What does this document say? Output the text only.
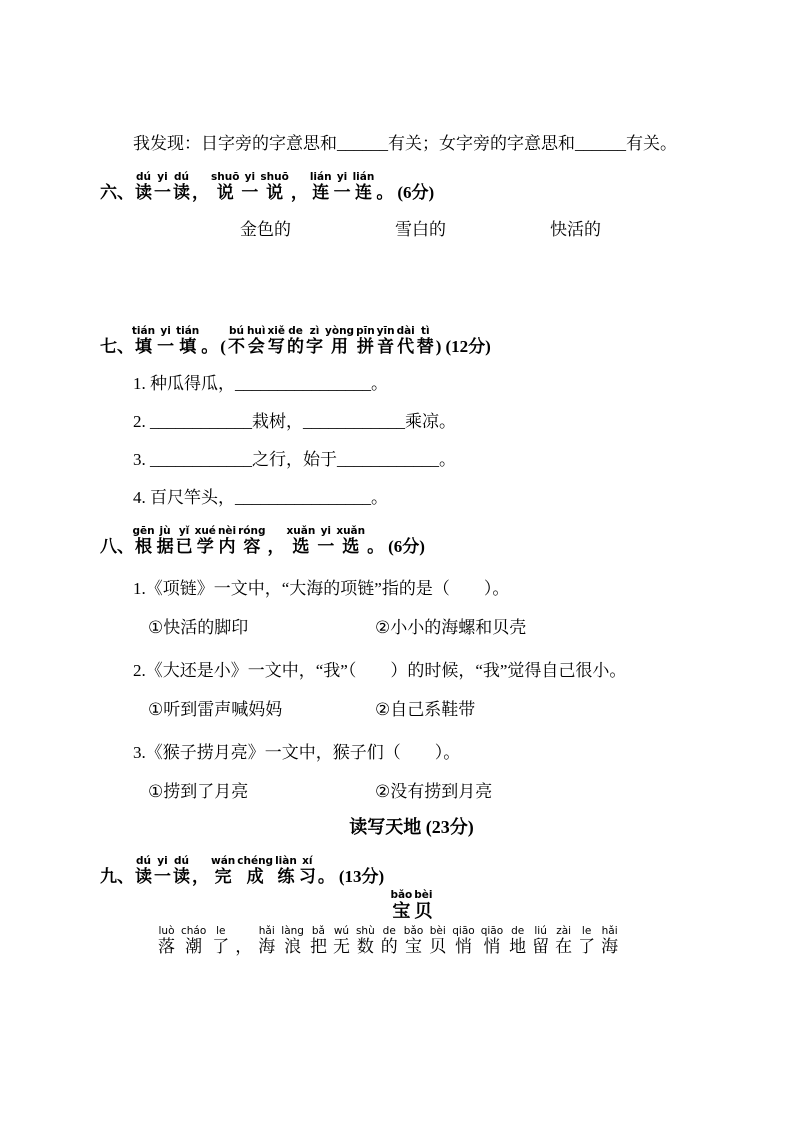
我发现：日字旁的字意思和______有关；女字旁的字意思和______有关。
六、读dú一yi读dú， 说shuō一yi说shuō， 连lián一yi连lián。 (6分)
金色的	雪白的	快活的
七、填tián一yi填tián。 ( 不bú会huì写xiě的de字zì用yòng拼pīn音yīn代dài替tì) (12分)
1. 种瓜得瓜，________________。
2. ____________栽树，____________乘凉。
3. ____________之行，始于____________。
4. 百尺竿头，________________。
八、根gēn据jù已yǐ学xué内nèi容róng， 选xuǎn一yi选xuǎn。 (6分)
1.《项链》一文中，“大海的项链”指的是（　　）。
①快活的脚印	②小小的海螺和贝壳
2.《大还是小》一文中，“我”（　　）的时候，“我”觉得自己很小。
①听到雷声喊妈妈	②自己系鞋带
3.《猴子捞月亮》一文中，猴子们（　　）。
①捞到了月亮	②没有捞到月亮
读写天地 (23分)
九、读dú一yi读dú， 完wán成chéng练liàn习xí。 (13分)
宝bǎo贝bèi
落luò潮cháo了le， 海hǎi浪làng把bǎ无wú数shù的de宝bǎo贝bèi悄qiāo悄qiāo地de留liú在zài了le海hǎi
